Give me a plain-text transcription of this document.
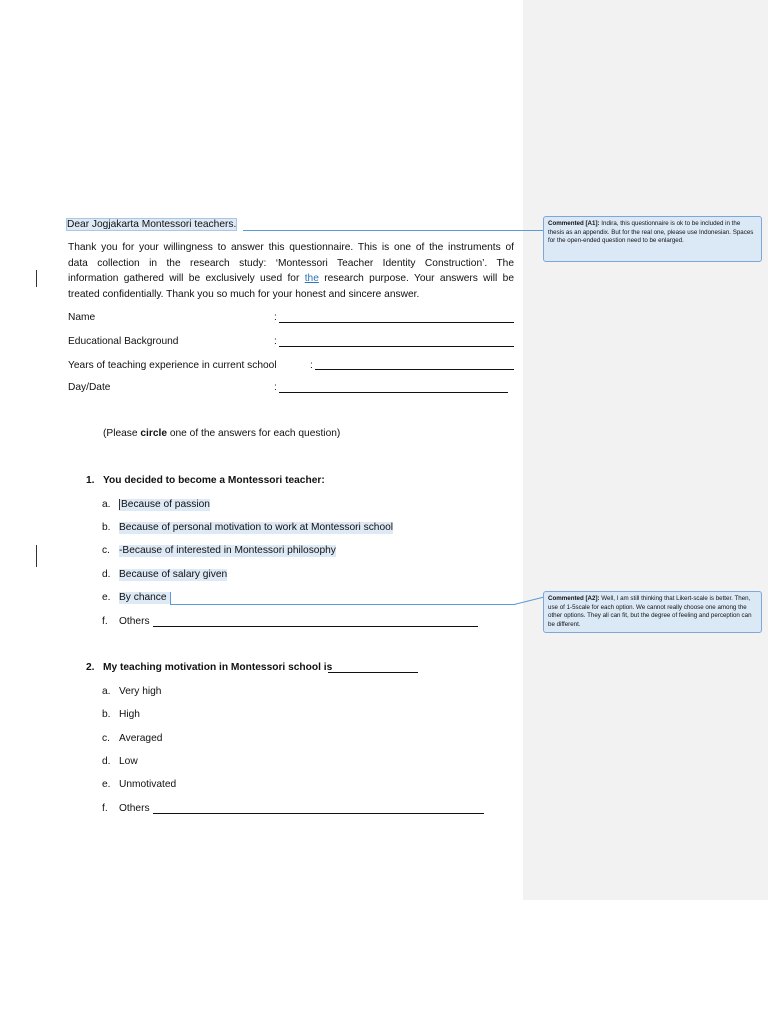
Dear Jogjakarta Montessori teachers.
Thank you for your willingness to answer this questionnaire. This is one of the instruments of
data collection in the research study: ‘Montessori Teacher Identity Construction’. The
information gathered will be exclusively used for the research purpose. Your answers will be
treated confidentially. Thank you so much for your honest and sincere answer.
Name	:
Educational Background	:
Years of teaching experience in current school	:
Day/Date	:
(Please circle one of the answers for each question)
1. You decided to become a Montessori teacher:
a. Because of passion
b. Because of personal motivation to work at Montessori school
c. -Because of interested in Montessori philosophy
d. Because of salary given
e. By chance
f. Others
2. My teaching motivation in Montessori school is
a. Very high
b. High
c. Averaged
d. Low
e. Unmotivated
f. Others
Commented [A1]: Indira, this questionnaire is ok to be included in the thesis as an appendix. But for the real one, please use Indonesian. Spaces for the open-ended question need to be enlarged.
Commented [A2]: Well, I am still thinking that Likert-scale is better. Then, use of 1-5scale for each option. We cannot really choose one among the other options. They all can fit, but the degree of feeling and perception can be different.
